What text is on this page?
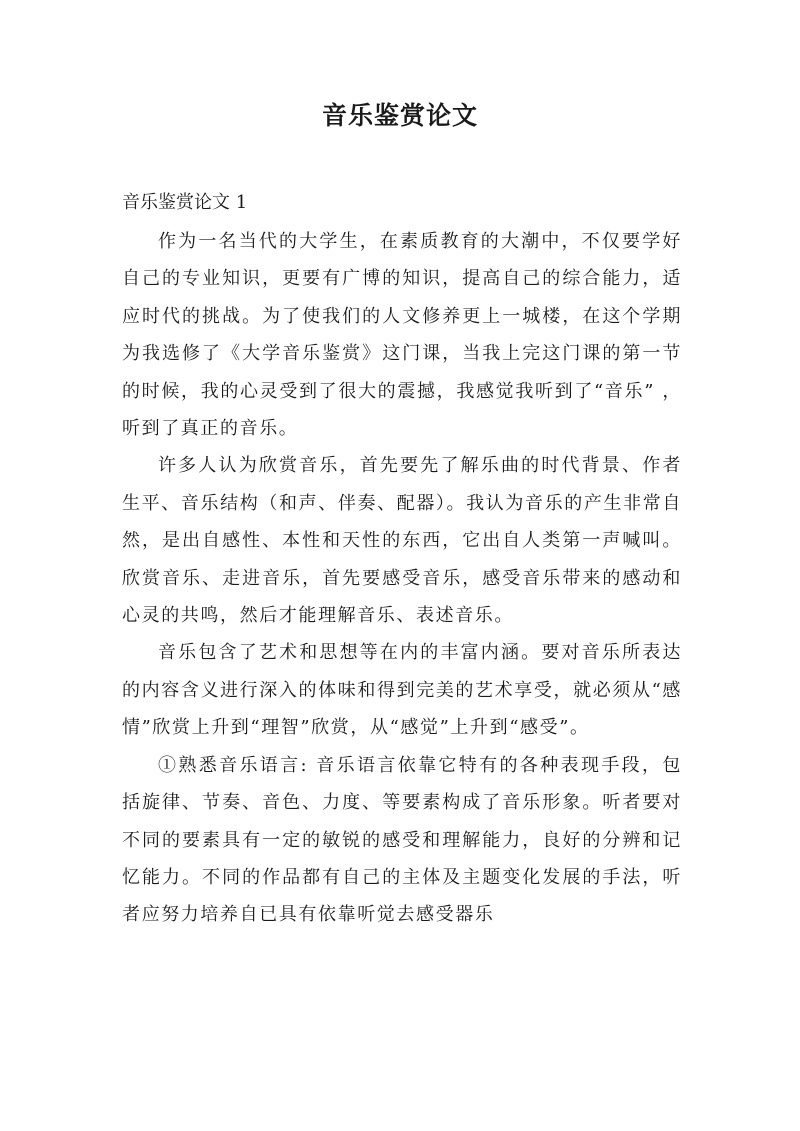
音乐鉴赏论文
音乐鉴赏论文 1

作为一名当代的大学生，在素质教育的大潮中，不仅要学好自己的专业知识，更要有广博的知识，提高自己的综合能力，适应时代的挑战。为了使我们的人文修养更上一城楼，在这个学期为我选修了《大学音乐鉴赏》这门课，当我上完这门课的第一节的时候，我的心灵受到了很大的震撼，我感觉我听到了“音乐” ，听到了真正的音乐。

许多人认为欣赏音乐，首先要先了解乐曲的时代背景、作者生平、音乐结构（和声、伴奏、配器）。我认为音乐的产生非常自然，是出自感性、本性和天性的东西，它出自人类第一声喊叫。欣赏音乐、走进音乐，首先要感受音乐，感受音乐带来的感动和心灵的共鸣，然后才能理解音乐、表述音乐。

音乐包含了艺术和思想等在内的丰富内涵。要对音乐所表达的内容含义进行深入的体味和得到完美的艺术享受，就必须从“感情”欣赏上升到“理智”欣赏，从“感觉”上升到“感受”。

①熟悉音乐语言: 音乐语言依靠它特有的各种表现手段，包括旋律、节奏、音色、力度、等要素构成了音乐形象。听者要对不同的要素具有一定的敏锐的感受和理解能力，良好的分辨和记忆能力。不同的作品都有自己的主体及主题变化发展的手法，听者应努力培养自已具有依靠听觉去感受器乐
